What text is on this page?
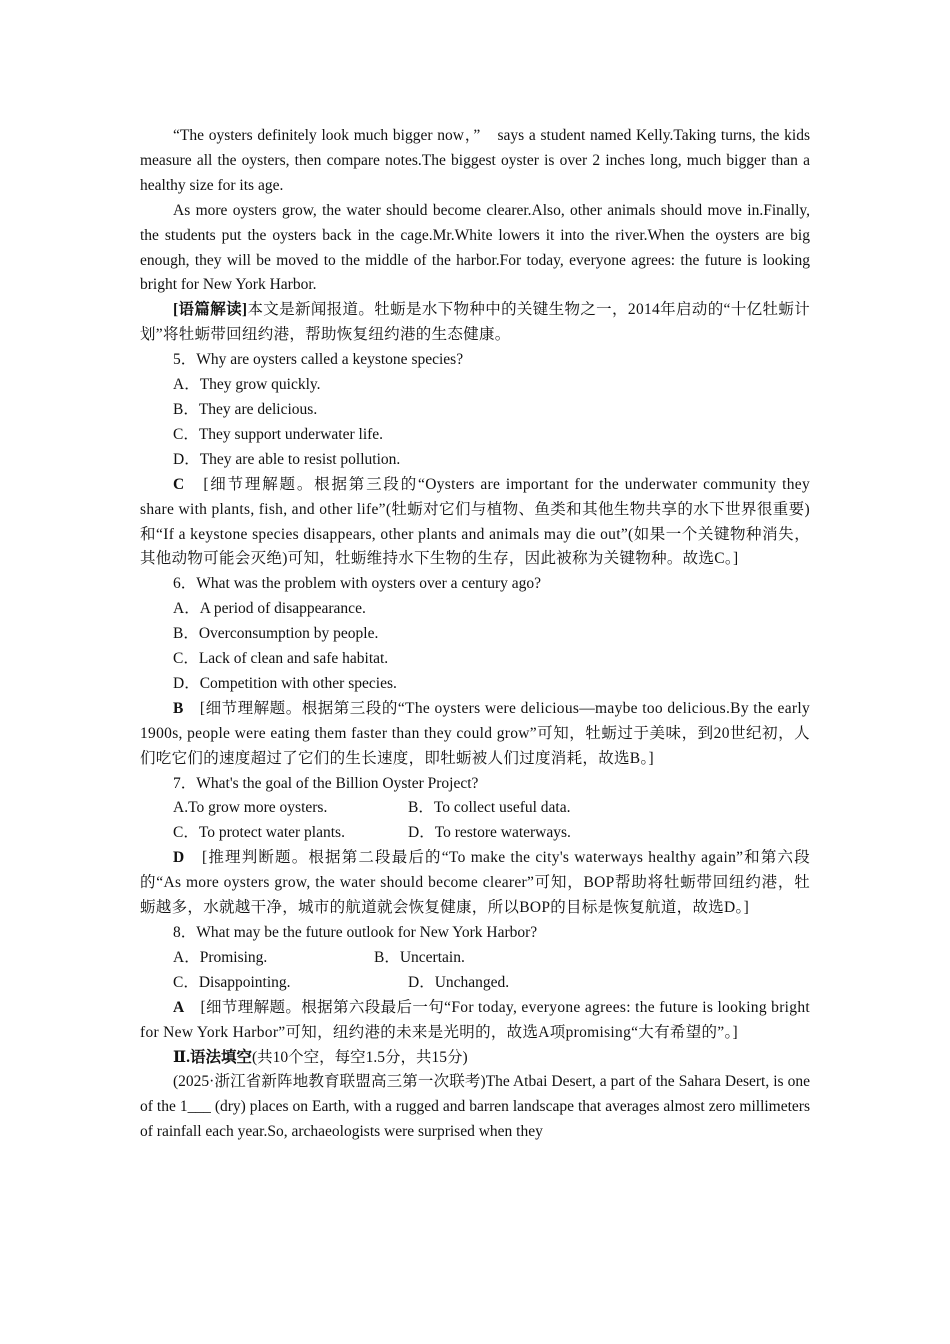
“The oysters definitely look much bigger now，”　says a student named Kelly.Taking turns, the kids measure all the oysters, then compare notes.The biggest oyster is over 2 inches long, much bigger than a healthy size for its age.

As more oysters grow, the water should become clearer.Also, other animals should move in.Finally, the students put the oysters back in the cage.Mr.White lowers it into the river.When the oysters are big enough, they will be moved to the middle of the harbor.For today, everyone agrees: the future is looking bright for New York Harbor.

[语篇解读]本文是新闻报道。牡蛎是水下物种中的关键生物之一，2014年启动的“十亿牡蛎计划”将牡蛎带回纽约港，帮助恢复纽约港的生态健康。

5．Why are oysters called a keystone species?

A．They grow quickly.

B．They are delicious.

C．They support underwater life.

D．They are able to resist pollution.

C　[细节理解题。根据第三段的“Oysters are important for the underwater community they share with plants, fish, and other life”(牡蛎对它们与植物、鱼类和其他生物共享的水下世界很重要)和“If a keystone species disappears, other plants and animals may die out”(如果一个关键物种消失，其他动物可能会灭绝)可知，牡蛎维持水下生物的生存，因此被称为关键物种。故选C。]

6．What was the problem with oysters over a century ago?

A．A period of disappearance.

B．Overconsumption by people.

C．Lack of clean and safe habitat.

D．Competition with other species.

B　[细节理解题。根据第三段的“The oysters were delicious—maybe too delicious.By the early 1900s, people were eating them faster than they could grow”可知，牡蛎过于美味，到20世纪初，人们吃它们的速度超过了它们的生长速度，即牡蛎被人们过度消耗，故选B。]

7．What's the goal of the Billion Oyster Project?

A.To grow more oysters.	B．To collect useful data.
C．To protect water plants.	D．To restore waterways.

D　[推理判断题。根据第二段最后的“To make the city's waterways healthy again”和第六段的“As more oysters grow, the water should become clearer”可知，BOP帮助将牡蛎带回纽约港，牡蛎越多，水就越干净，城市的航道就会恢复健康，所以BOP的目标是恢复航道，故选D。]

8．What may be the future outlook for New York Harbor?

A．Promising.	B．Uncertain.
C．Disappointing.	D．Unchanged.

A　[细节理解题。根据第六段最后一句“For today, everyone agrees: the future is looking bright for New York Harbor”可知，纽约港的未来是光明的，故选A项promising“大有希望的”。]

Ⅱ.语法填空(共10个空，每空1.5分，共15分)

(2025·浙江省新阵地教育联盟高三第一次联考)The Atbai Desert, a part of the Sahara Desert, is one of the 1___ (dry) places on Earth, with a rugged and barren landscape that averages almost zero millimeters of rainfall each year.So, archaeologists were surprised when they
